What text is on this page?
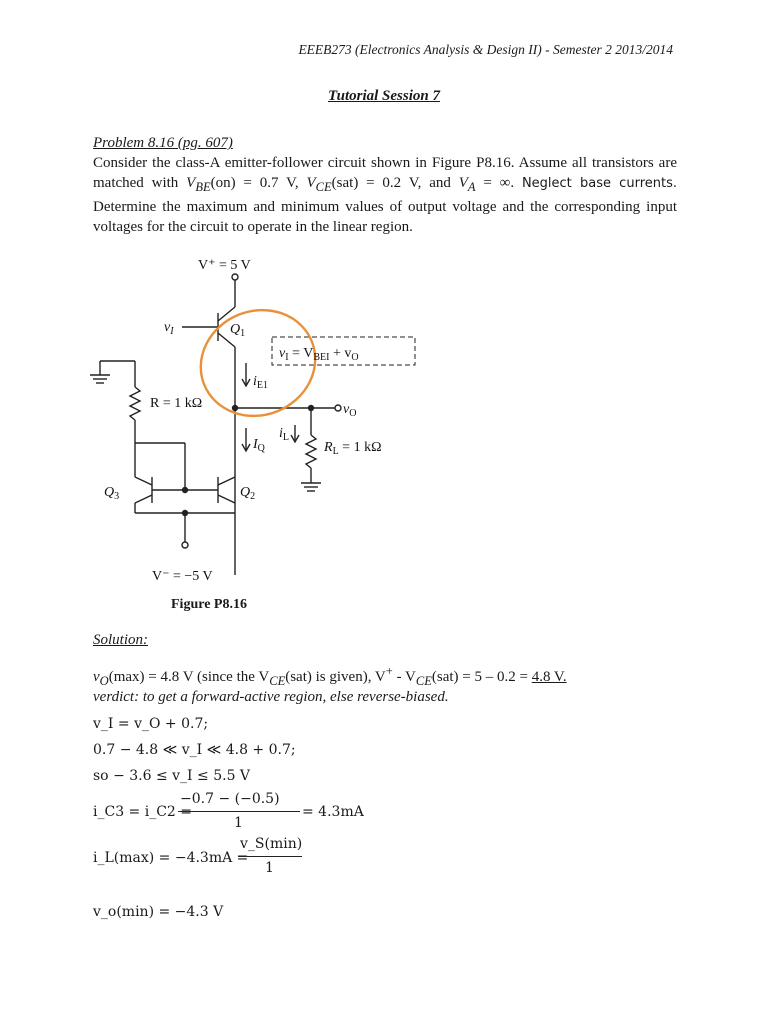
EEEB273 (Electronics Analysis & Design II) - Semester 2 2013/2014
Tutorial Session 7
Problem 8.16 (pg. 607)
Consider the class-A emitter-follower circuit shown in Figure P8.16. Assume all transistors are matched with $V_{BE}(on) = 0.7$ V, $V_{CE}(sat) = 0.2$ V, and $V_A$ = ∞. Neglect base currents. Determine the maximum and minimum values of output voltage and the corresponding input voltages for the circuit to operate in the linear region.
V⁺ = 5 V
$v_I$	$Q_1$
$v_I = V_{BEI} + v_O$
$i_{E1}$
R = 1 kΩ	$v_O$
$i_L$
$I_Q$	$R_L = 1$ kΩ
$Q_3$	$Q_2$
V⁻ = −5 V
Figure P8.16
Solution:
$v_O(\max) = 4.8$ V (since the $V_{CE}(sat)$ is given), $V^+ - V_{CE}(sat) = 5 - 0.2 = 4.8$ V.
verdict: to get a forward-active region, else reverse-biased.
v_I = v_O + 0.7;
0.7 − 4.8 ≪ v_I ≪ 4.8 + 0.7;
so − 3.6 ≤ v_I ≤ 5.5 V
i_C3 = i_C2 =
−0.7 − (−0.5)
1
= 4.3mA
i_L(max) = −4.3mA =
v_S(min)
1
v_o(min) = −4.3 V
